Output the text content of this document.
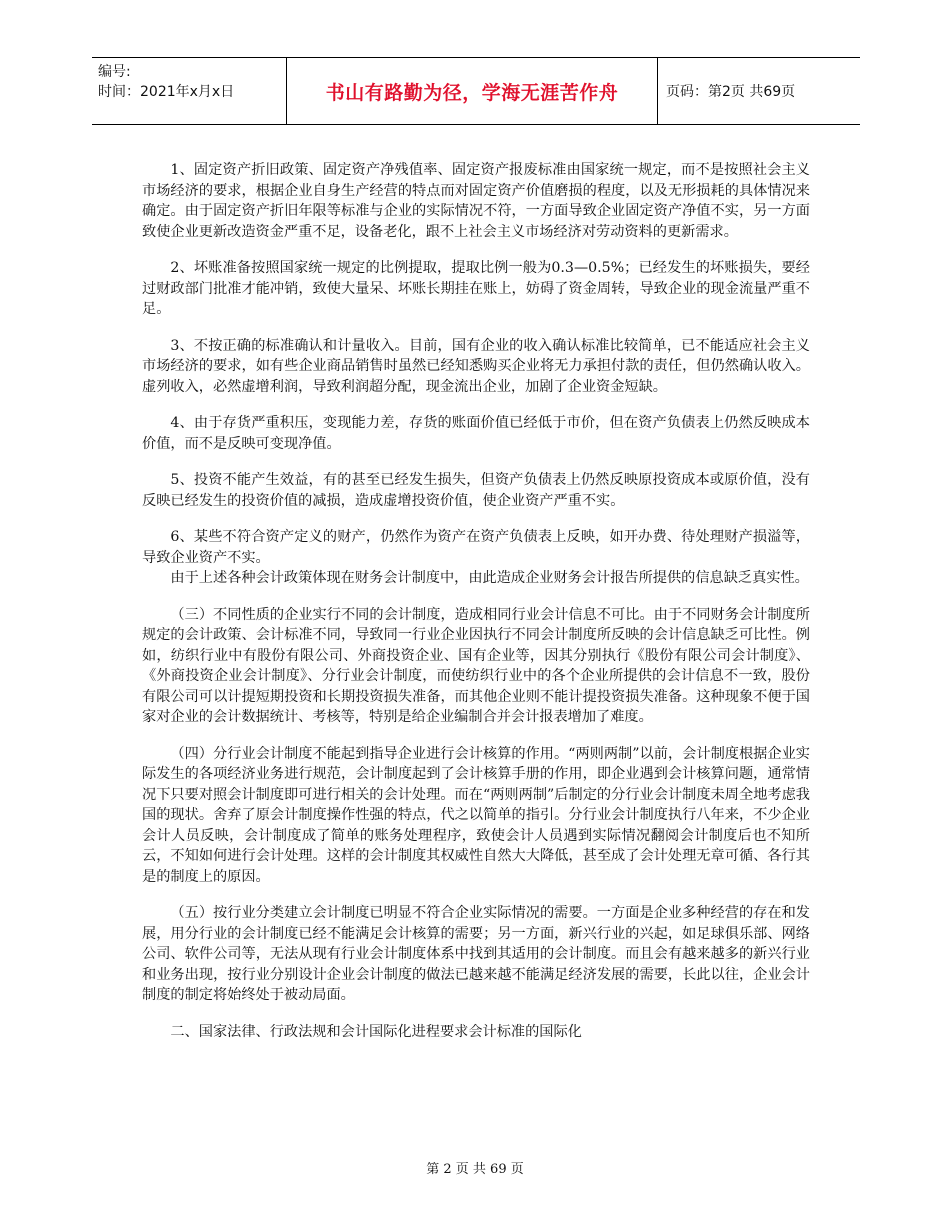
编号:
时间：2021年x月x日	书山有路勤为径，学海无涯苦作舟	页码：第2页 共69页

1、固定资产折旧政策、固定资产净残值率、固定资产报废标准由国家统一规定，而不是按照社会主义市场经济的要求，根据企业自身生产经营的特点而对固定资产价值磨损的程度，以及无形损耗的具体情况来确定。由于固定资产折旧年限等标准与企业的实际情况不符，一方面导致企业固定资产净值不实，另一方面致使企业更新改造资金严重不足，设备老化，跟不上社会主义市场经济对劳动资料的更新需求。

2、坏账准备按照国家统一规定的比例提取，提取比例一般为0.3—0.5%；已经发生的坏账损失，要经过财政部门批准才能冲销，致使大量呆、坏账长期挂在账上，妨碍了资金周转，导致企业的现金流量严重不足。

3、不按正确的标准确认和计量收入。目前，国有企业的收入确认标准比较简单，已不能适应社会主义市场经济的要求，如有些企业商品销售时虽然已经知悉购买企业将无力承担付款的责任，但仍然确认收入。虚列收入，必然虚增利润，导致利润超分配，现金流出企业，加剧了企业资金短缺。

4、由于存货严重积压，变现能力差，存货的账面价值已经低于市价，但在资产负债表上仍然反映成本价值，而不是反映可变现净值。

5、投资不能产生效益，有的甚至已经发生损失，但资产负债表上仍然反映原投资成本或原价值，没有反映已经发生的投资价值的减损，造成虚增投资价值，使企业资产严重不实。

6、某些不符合资产定义的财产，仍然作为资产在资产负债表上反映，如开办费、待处理财产损溢等，导致企业资产不实。

由于上述各种会计政策体现在财务会计制度中，由此造成企业财务会计报告所提供的信息缺乏真实性。

（三）不同性质的企业实行不同的会计制度，造成相同行业会计信息不可比。由于不同财务会计制度所规定的会计政策、会计标准不同，导致同一行业企业因执行不同会计制度所反映的会计信息缺乏可比性。例如，纺织行业中有股份有限公司、外商投资企业、国有企业等，因其分别执行《股份有限公司会计制度》、《外商投资企业会计制度》、分行业会计制度，而使纺织行业中的各个企业所提供的会计信息不一致，股份有限公司可以计提短期投资和长期投资损失准备，而其他企业则不能计提投资损失准备。这种现象不便于国家对企业的会计数据统计、考核等，特别是给企业编制合并会计报表增加了难度。

（四）分行业会计制度不能起到指导企业进行会计核算的作用。“两则两制”以前，会计制度根据企业实际发生的各项经济业务进行规范，会计制度起到了会计核算手册的作用，即企业遇到会计核算问题，通常情况下只要对照会计制度即可进行相关的会计处理。而在“两则两制”后制定的分行业会计制度未周全地考虑我国的现状。舍弃了原会计制度操作性强的特点，代之以简单的指引。分行业会计制度执行八年来，不少企业会计人员反映，会计制度成了简单的账务处理程序，致使会计人员遇到实际情况翻阅会计制度后也不知所云，不知如何进行会计处理。这样的会计制度其权威性自然大大降低，甚至成了会计处理无章可循、各行其是的制度上的原因。

（五）按行业分类建立会计制度已明显不符合企业实际情况的需要。一方面是企业多种经营的存在和发展，用分行业的会计制度已经不能满足会计核算的需要；另一方面，新兴行业的兴起，如足球俱乐部、网络公司、软件公司等，无法从现有行业会计制度体系中找到其适用的会计制度。而且会有越来越多的新兴行业和业务出现，按行业分别设计企业会计制度的做法已越来越不能满足经济发展的需要，长此以往，企业会计制度的制定将始终处于被动局面。

二、国家法律、行政法规和会计国际化进程要求会计标准的国际化

第 2 页 共 69 页
